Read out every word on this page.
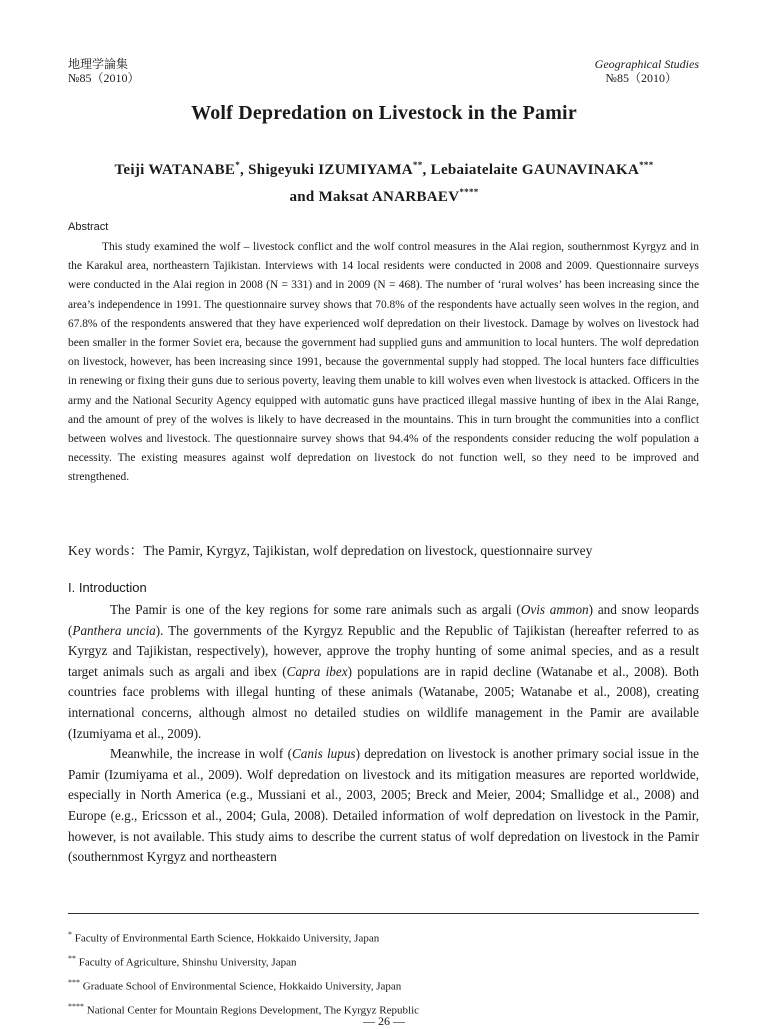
地理学論集
№85（2010）
Geographical Studies
№85（2010）
Wolf Depredation on Livestock in the Pamir
Teiji WATANABE*, Shigeyuki IZUMIYAMA**, Lebaiatelaite GAUNAVINAKA***
and Maksat ANARBAEV****
Abstract
This study examined the wolf – livestock conflict and the wolf control measures in the Alai region, southernmost Kyrgyz and in the Karakul area, northeastern Tajikistan. Interviews with 14 local residents were conducted in 2008 and 2009. Questionnaire surveys were conducted in the Alai region in 2008 (N = 331) and in 2009 (N = 468). The number of ‘rural wolves’ has been increasing since the area’s independence in 1991. The questionnaire survey shows that 70.8% of the respondents have actually seen wolves in the region, and 67.8% of the respondents answered that they have experienced wolf depredation on their livestock. Damage by wolves on livestock had been smaller in the former Soviet era, because the government had supplied guns and ammunition to local hunters. The wolf depredation on livestock, however, has been increasing since 1991, because the governmental supply had stopped. The local hunters face difficulties in renewing or fixing their guns due to serious poverty, leaving them unable to kill wolves even when livestock is attacked. Officers in the army and the National Security Agency equipped with automatic guns have practiced illegal massive hunting of ibex in the Alai Range, and the amount of prey of the wolves is likely to have decreased in the mountains. This in turn brought the communities into a conflict between wolves and livestock. The questionnaire survey shows that 94.4% of the respondents consider reducing the wolf population a necessity. The existing measures against wolf depredation on livestock do not function well, so they need to be improved and strengthened.
Key words：The Pamir, Kyrgyz, Tajikistan, wolf depredation on livestock, questionnaire survey
I. Introduction

The Pamir is one of the key regions for some rare animals such as argali (Ovis ammon) and snow leopards (Panthera uncia). The governments of the Kyrgyz Republic and the Republic of Tajikistan (hereafter referred to as Kyrgyz and Tajikistan, respectively), however, approve the trophy hunting of some animal species, and as a result target animals such as argali and ibex (Capra ibex) populations are in rapid decline (Watanabe et al., 2008). Both countries face problems with illegal hunting of these animals (Watanabe, 2005; Watanabe et al., 2008), creating international concerns, although almost no detailed studies on wildlife management in the Pamir are available (Izumiyama et al., 2009).

Meanwhile, the increase in wolf (Canis lupus) depredation on livestock is another primary social issue in the Pamir (Izumiyama et al., 2009). Wolf depredation on livestock and its mitigation measures are reported worldwide, especially in North America (e.g., Mussiani et al., 2003, 2005; Breck and Meier, 2004; Smallidge et al., 2008) and Europe (e.g., Ericsson et al., 2004; Gula, 2008). Detailed information of wolf depredation on livestock in the Pamir, however, is not available. This study aims to describe the current status of wolf depredation on livestock in the Pamir (southernmost Kyrgyz and northeastern

* Faculty of Environmental Earth Science, Hokkaido University, Japan
** Faculty of Agriculture, Shinshu University, Japan
*** Graduate School of Environmental Science, Hokkaido University, Japan
**** National Center for Mountain Regions Development, The Kyrgyz Republic
— 26 —
